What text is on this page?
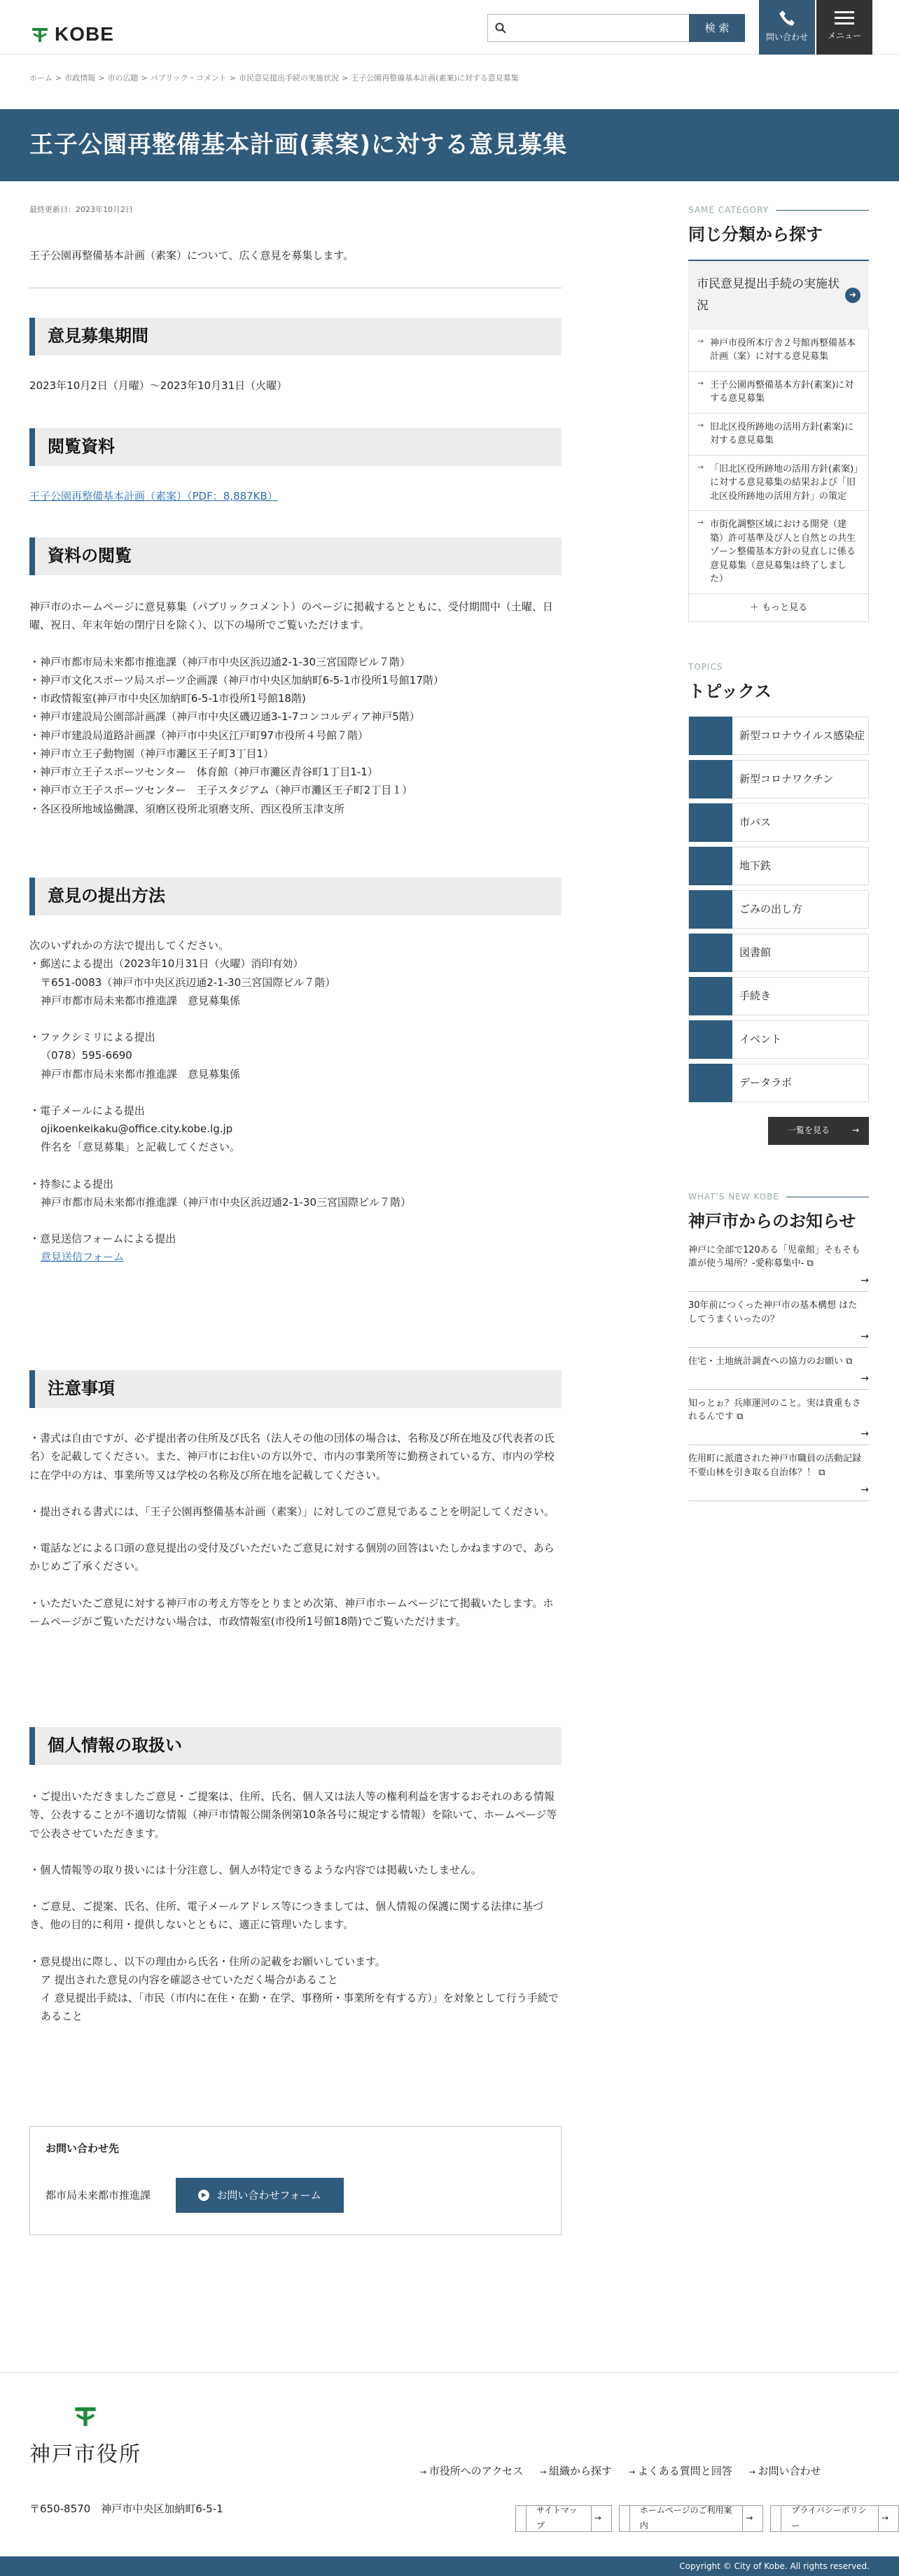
KOBE	検 索
問い合わせ メニュー
ホーム > 市政情報 > 市の広聴 > パブリック・コメント > 市民意見提出手続の実施状況 > 王子公園再整備基本計画(素案)に対する意見募集
王子公園再整備基本計画(素案)に対する意見募集
最終更新日：2023年10月2日
王子公園再整備基本計画（素案）について、広く意見を募集します。
意見募集期間
2023年10月2日（月曜）～2023年10月31日（火曜）
閲覧資料
王子公園再整備基本計画（素案）（PDF：8,887KB）
資料の閲覧

神戸市のホームページに意見募集（パブリックコメント）のページに掲載するとともに、受付期間中（土曜、日曜、祝日、年末年始の閉庁日を除く）、以下の場所でご覧いただけます。

・神戸市都市局未来都市推進課（神戸市中央区浜辺通2-1-30三宮国際ビル７階）

・神戸市文化スポーツ局スポーツ企画課（神戸市中央区加納町6-5-1市役所1号館17階）

・市政情報室(神戸市中央区加納町6-5-1市役所1号館18階)

・神戸市建設局公園部計画課（神戸市中央区磯辺通3-1-7コンコルディア神戸5階）

・神戸市建設局道路計画課（神戸市中央区江戸町97市役所４号館７階）

・神戸市立王子動物園（神戸市灘区王子町3丁目1）

・神戸市立王子スポーツセンター　体育館（神戸市灘区青谷町1丁目1-1）

・神戸市立王子スポーツセンター　王子スタジアム（神戸市灘区王子町2丁目１）

・各区役所地域協働課、須磨区役所北須磨支所、西区役所玉津支所

意見の提出方法

次のいずれかの方法で提出してください。

・郵送による提出（2023年10月31日（火曜）消印有効）

〒651-0083（神戸市中央区浜辺通2-1-30三宮国際ビル７階）

神戸市都市局未来都市推進課　意見募集係

・ファクシミリによる提出

（078）595-6690

神戸市都市局未来都市推進課　意見募集係

・電子メールによる提出

ojikoenkeikaku@office.city.kobe.lg.jp

件名を「意見募集」と記載してください。

・持参による提出

神戸市都市局未来都市推進課（神戸市中央区浜辺通2-1-30三宮国際ビル７階）

・意見送信フォームによる提出

意見送信フォーム

注意事項

・書式は自由ですが、必ず提出者の住所及び氏名（法人その他の団体の場合は、名称及び所在地及び代表者の氏名）を記載してください。また、神戸市にお住いの方以外で、市内の事業所等に勤務されている方、市内の学校に在学中の方は、事業所等又は学校の名称及び所在地を記載してください。

・提出される書式には、「王子公園再整備基本計画（素案）」に対してのご意見であることを明記してください。

・電話などによる口頭の意見提出の受付及びいただいたご意見に対する個別の回答はいたしかねますので、あらかじめご了承ください。

・いただいたご意見に対する神戸市の考え方等をとりまとめ次第、神戸市ホームページにて掲載いたします。ホームページがご覧いただけない場合は、市政情報室(市役所1号館18階)でご覧いただけます。

個人情報の取扱い

・ご提出いただきましたご意見・ご提案は、住所、氏名、個人又は法人等の権利利益を害するおそれのある情報等、公表することが不適切な情報（神戸市情報公開条例第10条各号に規定する情報）を除いて、ホームページ等で公表させていただきます。

・個人情報等の取り扱いには十分注意し、個人が特定できるような内容では掲載いたしません。

・ご意見、ご提案、氏名、住所、電子メールアドレス等につきましては、個人情報の保護に関する法律に基づき、他の目的に利用・提供しないとともに、適正に管理いたします。

・意見提出に際し、以下の理由から氏名・住所の記載をお願いしています。

ア 提出された意見の内容を確認させていただく場合があること

イ 意見提出手続は、「市民（市内に在住・在勤・在学、事務所・事業所を有する方）」を対象として行う手続であること

お問い合わせ先
都市局未来都市推進課	▶ お問い合わせフォーム
SAME CATEGORY
同じ分類から探す
市民意見提出手続の実施状況
➜
→ 神戸市役所本庁舎２号館再整備基本計画（案）に対する意見募集
→ 王子公園再整備基本方針(素案)に対する意見募集
→ 旧北区役所跡地の活用方針(素案)に対する意見募集
→ 「旧北区役所跡地の活用方針(素案)」に対する意見募集の結果および「旧北区役所跡地の活用方針」の策定
→ 市街化調整区域における開発（建築）許可基準及び人と自然との共生ゾーン整備基本方針の見直しに係る意見募集（意見募集は終了しました）
＋ もっと見る
TOPICS
トピックス
新型コロナウイルス感染症
新型コロナワクチン
市バス
地下鉄
ごみの出し方
図書館
手続き
イベント
データラボ
一覧を見る	→
WHAT'S NEW KOBE
神戸市からのお知らせ
神戸に全部で120ある「児童館」そもそも誰が使う場所？-愛称募集中- ⧉
→

30年前につくった神戸市の基本構想 はたしてうまくいったの？
→

住宅・土地統計調査への協力のお願い ⧉
→

知っとぉ？兵庫運河のこと。実は貴重もされるんです ⧉
→

佐用町に派遣された神戸市職員の活動記録 不要山林を引き取る自治体？！ ⧉
→

神戸市役所
→ 市役所へのアクセス	→ 組織から探す	→ よくある質問と回答	→ お問い合わせ
〒650-8570　神戸市中央区加納町6-5-1	サイトマップ
→
ホームページのご利用案内
→
プライバシーポリシー
→
Copyright © City of Kobe. All rights reserved.
